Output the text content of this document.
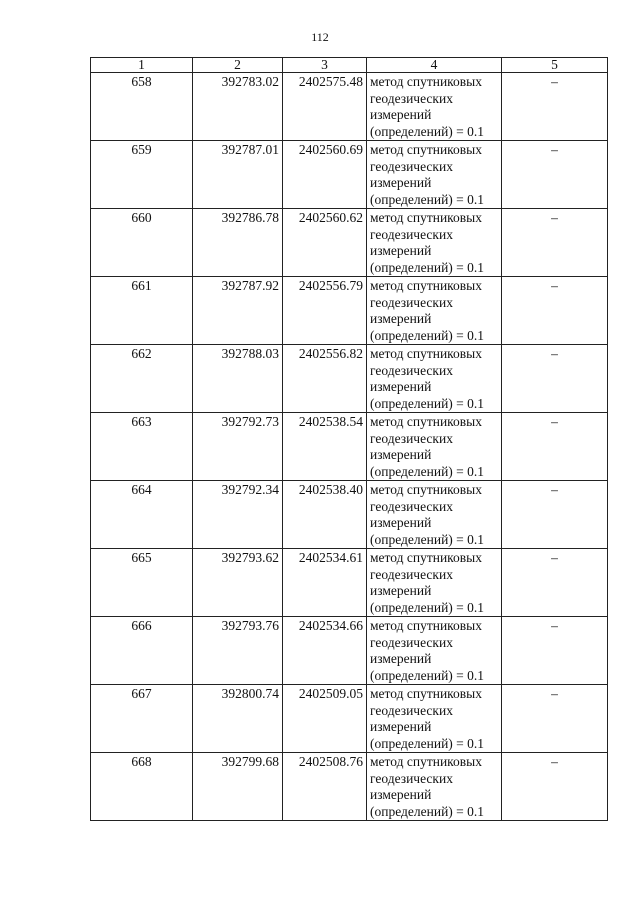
112
1	2	3	4	5
658	392783.02	2402575.48	метод спутниковых
геодезических
измерений
(определений) = 0.1	–
659	392787.01	2402560.69	метод спутниковых
геодезических
измерений
(определений) = 0.1	–
660	392786.78	2402560.62	метод спутниковых
геодезических
измерений
(определений) = 0.1	–
661	392787.92	2402556.79	метод спутниковых
геодезических
измерений
(определений) = 0.1	–
662	392788.03	2402556.82	метод спутниковых
геодезических
измерений
(определений) = 0.1	–
663	392792.73	2402538.54	метод спутниковых
геодезических
измерений
(определений) = 0.1	–
664	392792.34	2402538.40	метод спутниковых
геодезических
измерений
(определений) = 0.1	–
665	392793.62	2402534.61	метод спутниковых
геодезических
измерений
(определений) = 0.1	–
666	392793.76	2402534.66	метод спутниковых
геодезических
измерений
(определений) = 0.1	–
667	392800.74	2402509.05	метод спутниковых
геодезических
измерений
(определений) = 0.1	–
668	392799.68	2402508.76	метод спутниковых
геодезических
измерений
(определений) = 0.1	–
